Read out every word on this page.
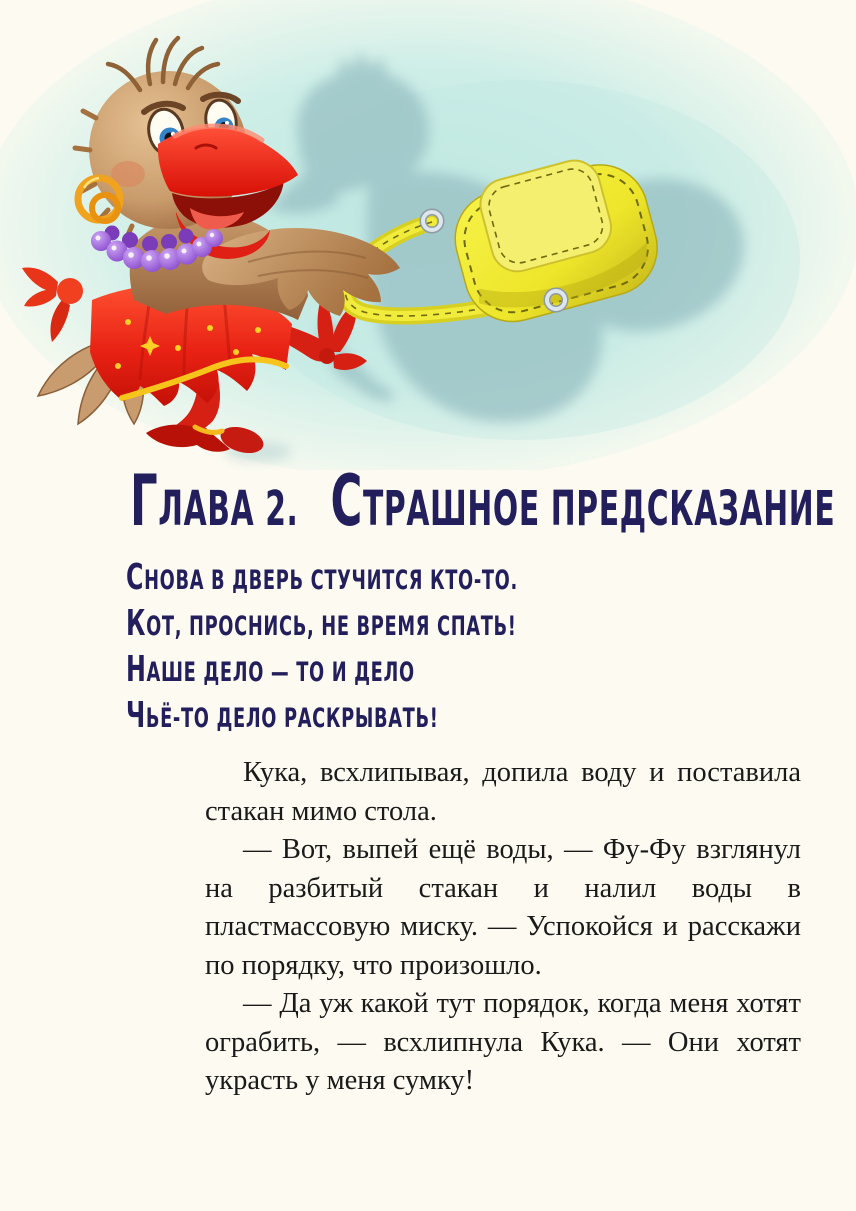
ГЛАВА 2. СТРАШНОЕ ПРЕДСКАЗАНИЕ

СНОВА В ДВЕРЬ СТУЧИТСЯ КТО-ТО.

КОТ, ПРОСНИСЬ, НЕ ВРЕМЯ СПАТЬ!

НАШЕ ДЕЛО — ТО И ДЕЛО

ЧЬЁ-ТО ДЕЛО РАСКРЫВАТЬ!

Кука, всхлипывая, допила воду и поставила стакан мимо стола.

— Вот, выпей ещё воды, — Фу-Фу взглянул на разбитый стакан и налил воды в пластмассовую миску. — Успокойся и расскажи по порядку, что произошло.

— Да уж какой тут порядок, когда меня хотят ограбить, — всхлипнула Кука. — Они хотят украсть у меня сумку!
